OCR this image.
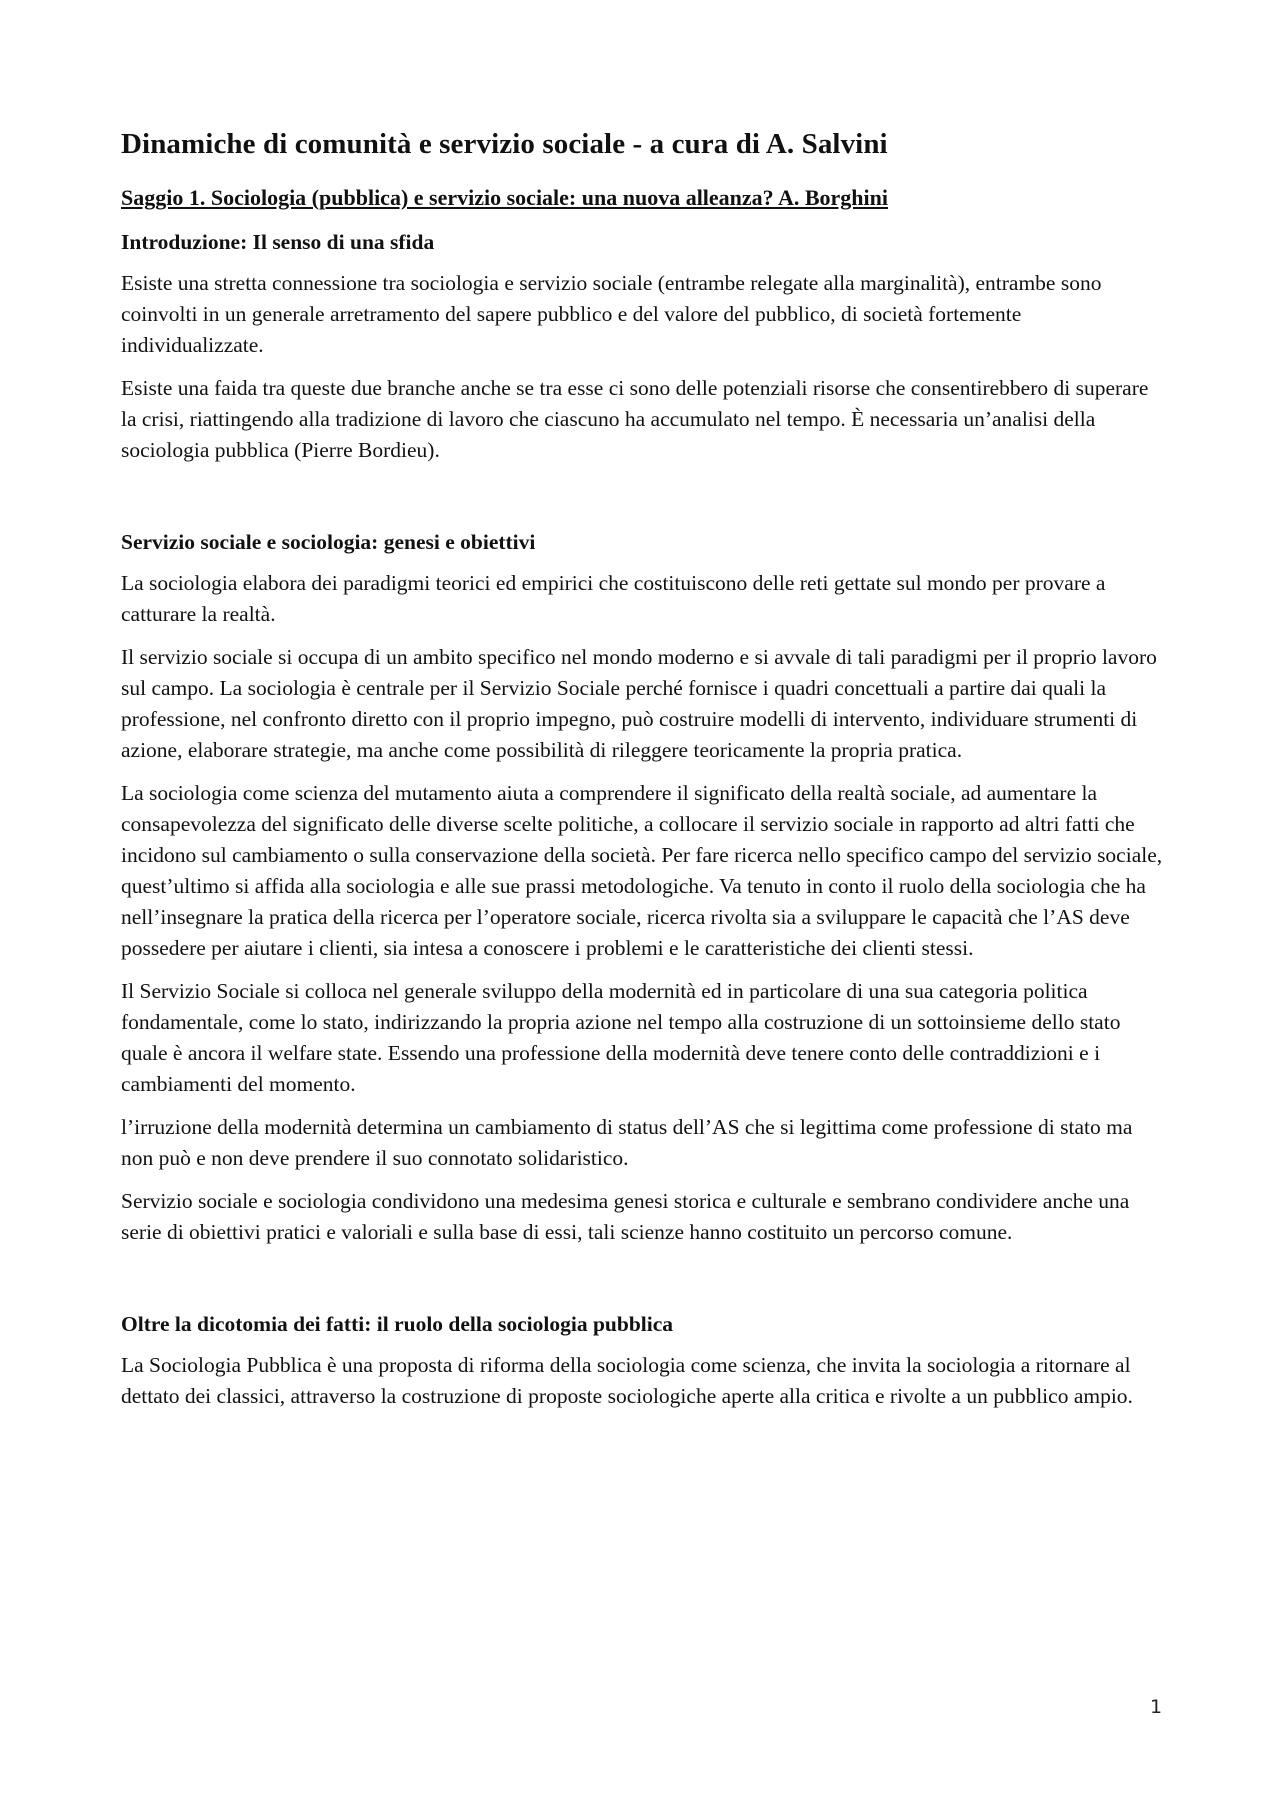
Dinamiche di comunità e servizio sociale - a cura di A. Salvini
Saggio 1. Sociologia (pubblica) e servizio sociale: una nuova alleanza? A. Borghini
Introduzione: Il senso di una sfida

Esiste una stretta connessione tra sociologia e servizio sociale (entrambe relegate alla marginalità), entrambe sono coinvolti in un generale arretramento del sapere pubblico e del valore del pubblico, di società fortemente individualizzate.

Esiste una faida tra queste due branche anche se tra esse ci sono delle potenziali risorse che consentirebbero di superare la crisi, riattingendo alla tradizione di lavoro che ciascuno ha accumulato nel tempo. È necessaria un’analisi della sociologia pubblica (Pierre Bordieu).

Servizio sociale e sociologia: genesi e obiettivi

La sociologia elabora dei paradigmi teorici ed empirici che costituiscono delle reti gettate sul mondo per provare a catturare la realtà.

Il servizio sociale si occupa di un ambito specifico nel mondo moderno e si avvale di tali paradigmi per il proprio lavoro sul campo. La sociologia è centrale per il Servizio Sociale perché fornisce i quadri concettuali a partire dai quali la professione, nel confronto diretto con il proprio impegno, può costruire modelli di intervento, individuare strumenti di azione, elaborare strategie, ma anche come possibilità di rileggere teoricamente la propria pratica.

La sociologia come scienza del mutamento aiuta a comprendere il significato della realtà sociale, ad aumentare la consapevolezza del significato delle diverse scelte politiche, a collocare il servizio sociale in rapporto ad altri fatti che incidono sul cambiamento o sulla conservazione della società. Per fare ricerca nello specifico campo del servizio sociale, quest’ultimo si affida alla sociologia e alle sue prassi metodologiche. Va tenuto in conto il ruolo della sociologia che ha nell’insegnare la pratica della ricerca per l’operatore sociale, ricerca rivolta sia a sviluppare le capacità che l’AS deve possedere per aiutare i clienti, sia intesa a conoscere i problemi e le caratteristiche dei clienti stessi.

Il Servizio Sociale si colloca nel generale sviluppo della modernità ed in particolare di una sua categoria politica fondamentale, come lo stato, indirizzando la propria azione nel tempo alla costruzione di un sottoinsieme dello stato quale è ancora il welfare state. Essendo una professione della modernità deve tenere conto delle contraddizioni e i cambiamenti del momento.

l’irruzione della modernità determina un cambiamento di status dell’AS che si legittima come professione di stato ma non può e non deve prendere il suo connotato solidaristico.

Servizio sociale e sociologia condividono una medesima genesi storica e culturale e sembrano condividere anche una serie di obiettivi pratici e valoriali e sulla base di essi, tali scienze hanno costituito un percorso comune.

Oltre la dicotomia dei fatti: il ruolo della sociologia pubblica

La Sociologia Pubblica è una proposta di riforma della sociologia come scienza, che invita la sociologia a ritornare al dettato dei classici, attraverso la costruzione di proposte sociologiche aperte alla critica e rivolte a un pubblico ampio.

1
